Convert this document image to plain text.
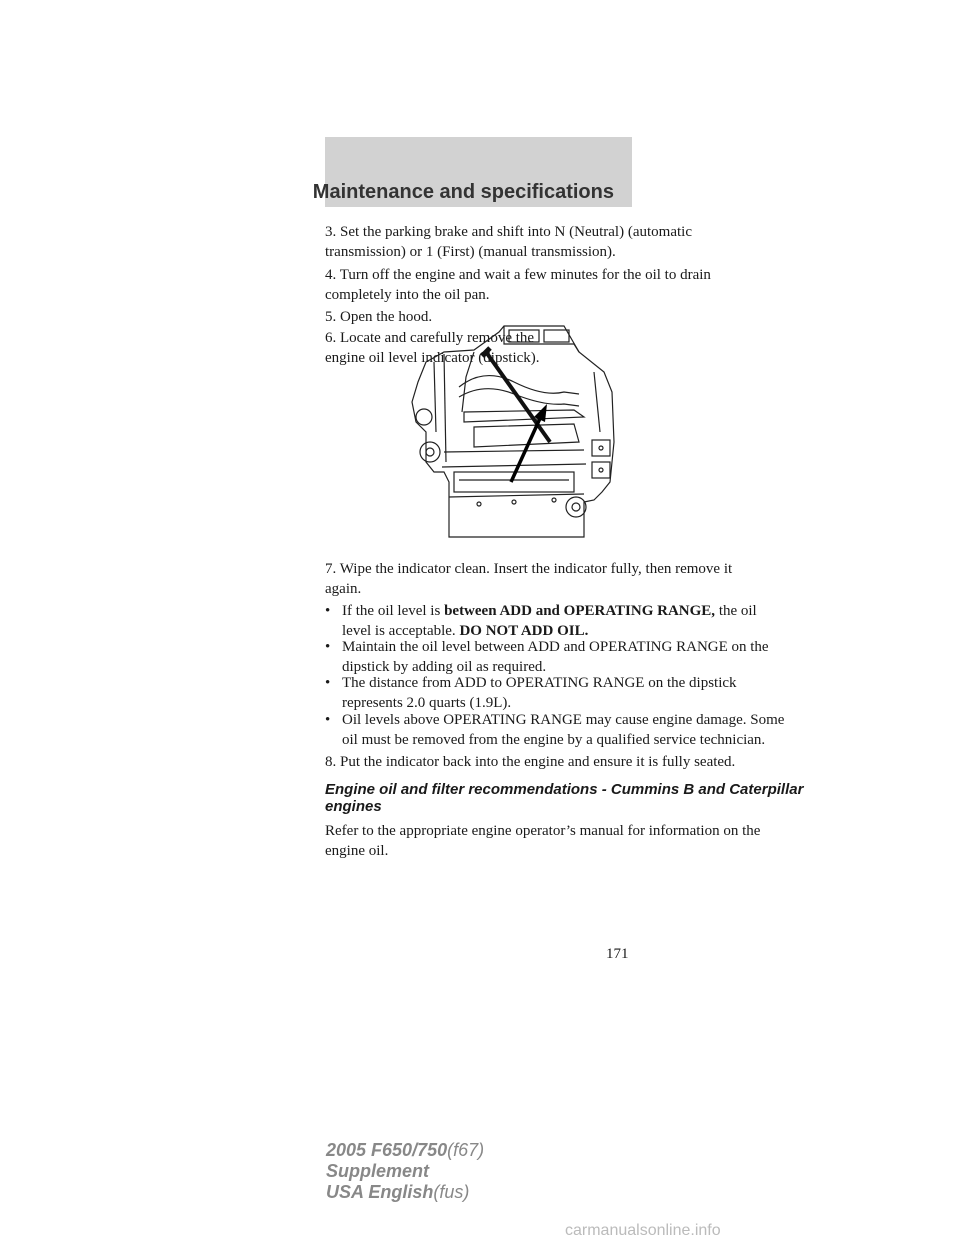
Maintenance and specifications
3. Set the parking brake and shift into N (Neutral) (automatic
transmission) or 1 (First) (manual transmission).
4. Turn off the engine and wait a few minutes for the oil to drain
completely into the oil pan.
5. Open the hood.
6. Locate and carefully remove the
engine oil level indicator (dipstick).
7. Wipe the indicator clean. Insert the indicator fully, then remove it
again.
• If the oil level is between ADD and OPERATING RANGE, the oil
level is acceptable. DO NOT ADD OIL.
• Maintain the oil level between ADD and OPERATING RANGE on the
dipstick by adding oil as required.
• The distance from ADD to OPERATING RANGE on the dipstick
represents 2.0 quarts (1.9L).
• Oil levels above OPERATING RANGE may cause engine damage. Some
oil must be removed from the engine by a qualified service technician.
8. Put the indicator back into the engine and ensure it is fully seated.
Engine oil and filter recommendations - Cummins B and Caterpillar
engines
Refer to the appropriate engine operator’s manual for information on the
engine oil.
171
2005 F650/750(f67)
Supplement
USA English(fus)
carmanualsonline.info
